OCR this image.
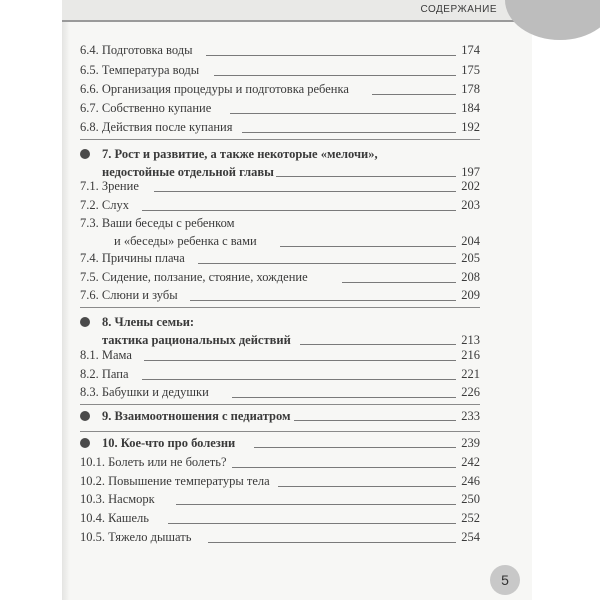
СОДЕРЖАНИЕ
6.4. Подготовка воды	174
6.5. Температура воды	175
6.6. Организация процедуры и подготовка ребенка	178
6.7. Собственно купание	184
6.8. Действия после купания	192
7. Рост и развитие, а также некоторые «мелочи»,
недостойные отдельной главы	197
7.1. Зрение	202
7.2. Слух	203
7.3. Ваши беседы с ребенком
и «беседы» ребенка с вами	204
7.4. Причины плача	205
7.5. Сидение, ползание, стояние, хождение	208
7.6. Слюни и зубы	209
8. Члены семьи:
тактика рациональных действий	213
8.1. Мама	216
8.2. Папа	221
8.3. Бабушки и дедушки	226
9. Взаимоотношения с педиатром	233
10. Кое-что про болезни	239
10.1. Болеть или не болеть?	242
10.2. Повышение температуры тела	246
10.3. Насморк	250
10.4. Кашель	252
10.5. Тяжело дышать	254
5
